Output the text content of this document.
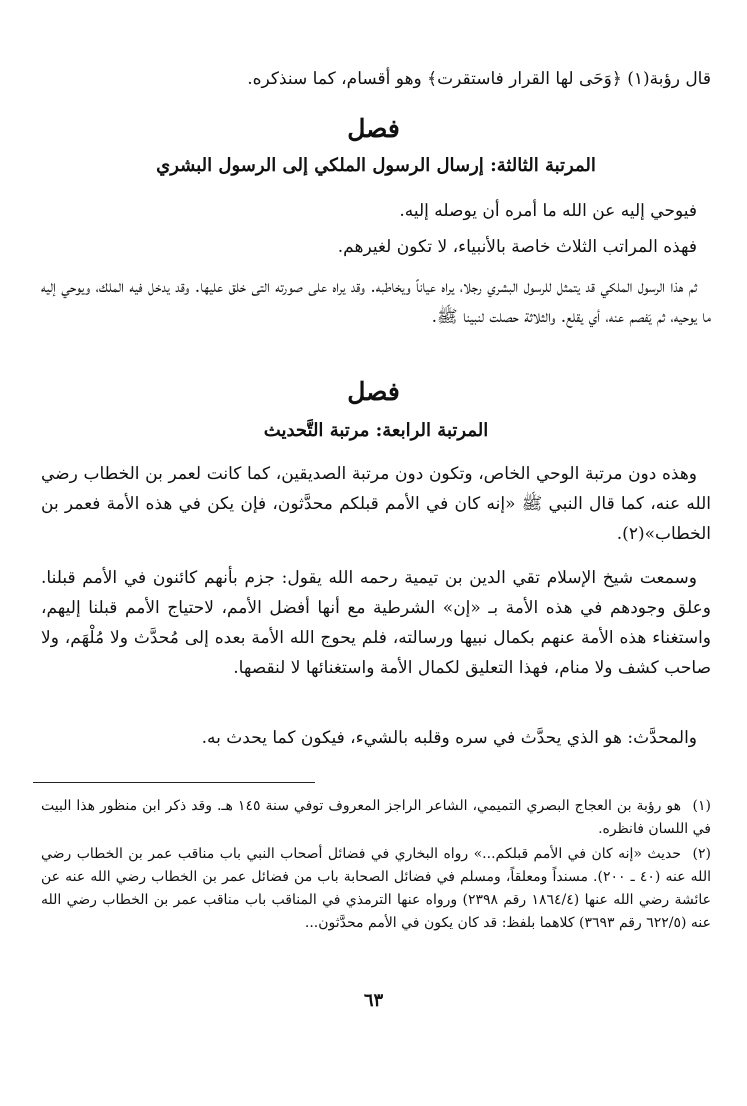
قال رؤبة(١) ﴿وَحَى لها القرار فاستقرت﴾ وهو أقسام، كما سنذكره.

فصل

المرتبة الثالثة: إرسال الرسول الملكي إلى الرسول البشري

فيوحي إليه عن الله ما أمره أن يوصله إليه.

فهذه المراتب الثلاث خاصة بالأنبياء، لا تكون لغيرهم.

ثم هذا الرسول الملكي قد يتمثل للرسول البشري رجلا، يراه عياناً ويخاطبه. وقد يراه على صورته التى خلق عليها. وقد يدخل فيه الملك، ويوحي إليه ما يوحيه، ثم يَفصم عنه، أي يقلع. والثلاثة حصلت لنبينا ﷺ.

فصل

المرتبة الرابعة: مرتبة التَّحديث

وهذه دون مرتبة الوحي الخاص، وتكون دون مرتبة الصديقين، كما كانت لعمر بن الخطاب رضي الله عنه، كما قال النبي ﷺ «إنه كان في الأمم قبلكم محدَّثون، فإن يكن في هذه الأمة فعمر بن الخطاب»(٢).

وسمعت شيخ الإسلام تقي الدين بن تيمية رحمه الله يقول: جزم بأنهم كائنون في الأمم قبلنا. وعلق وجودهم في هذه الأمة بـ «إن» الشرطية مع أنها أفضل الأمم، لاحتياج الأمم قبلنا إليهم، واستغناء هذه الأمة عنهم بكمال نبيها ورسالته، فلم يحوج الله الأمة بعده إلى مُحدَّث ولا مُلْهَم، ولا صاحب كشف ولا منام، فهذا التعليق لكمال الأمة واستغنائها لا لنقصها.

والمحدَّث: هو الذي يحدَّث في سره وقلبه بالشيء، فيكون كما يحدث به.

(١)هو رؤبة بن العجاج البصري التميمي، الشاعر الراجز المعروف توفي سنة ١٤٥ هـ. وقد ذكر ابن منظور هذا البيت في اللسان فانظره.

(٢)حديث «إنه كان في الأمم قبلكم...» رواه البخاري في فضائل أصحاب النبي باب مناقب عمر بن الخطاب رضي الله عنه (٤٠ ـ ٢٠٠). مسنداً ومعلقاً، ومسلم في فضائل الصحابة باب من فضائل عمر بن الخطاب رضي الله عنه عن عائشة رضي الله عنها (١٨٦٤/٤ رقم ٢٣٩٨) ورواه عنها الترمذي في المناقب باب مناقب عمر بن الخطاب رضي الله عنه (٦٢٢/٥ رقم ٣٦٩٣) كلاهما بلفظ: قد كان يكون في الأمم محدَّثون...

٦٣
